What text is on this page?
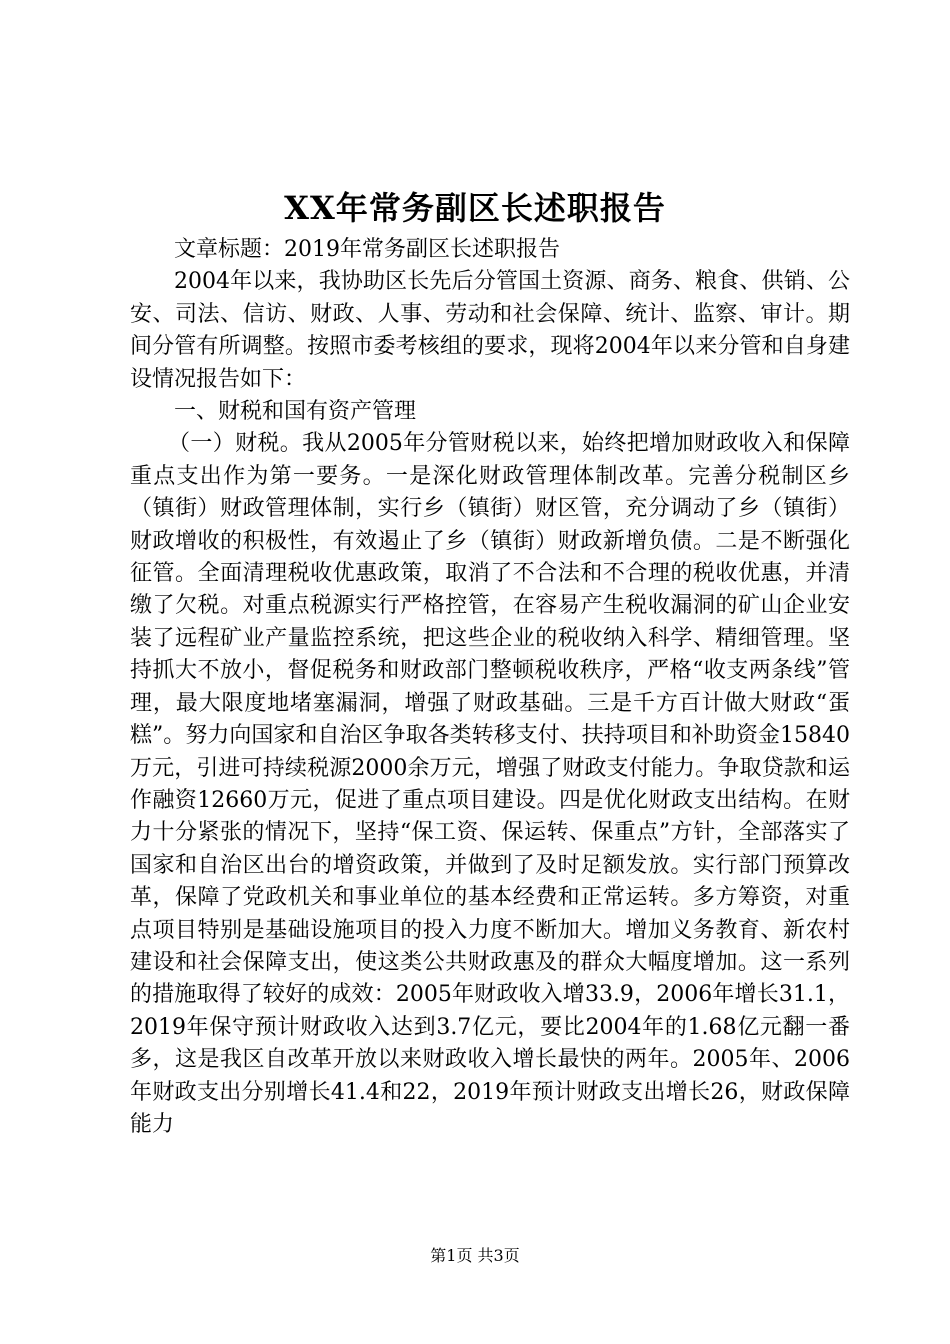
XX年常务副区长述职报告

文章标题：2019年常务副区长述职报告

2004年以来，我协助区长先后分管国土资源、商务、粮食、供销、公安、司法、信访、财政、人事、劳动和社会保障、统计、监察、审计。期间分管有所调整。按照市委考核组的要求，现将2004年以来分管和自身建设情况报告如下：

一、财税和国有资产管理

（一）财税。我从2005年分管财税以来，始终把增加财政收入和保障重点支出作为第一要务。一是深化财政管理体制改革。完善分税制区乡（镇街）财政管理体制，实行乡（镇街）财区管，充分调动了乡（镇街）财政增收的积极性，有效遏止了乡（镇街）财政新增负债。二是不断强化征管。全面清理税收优惠政策，取消了不合法和不合理的税收优惠，并清缴了欠税。对重点税源实行严格控管，在容易产生税收漏洞的矿山企业安装了远程矿业产量监控系统，把这些企业的税收纳入科学、精细管理。坚持抓大不放小，督促税务和财政部门整顿税收秩序，严格“收支两条线”管理，最大限度地堵塞漏洞，增强了财政基础。三是千方百计做大财政“蛋糕”。努力向国家和自治区争取各类转移支付、扶持项目和补助资金15840万元，引进可持续税源2000余万元，增强了财政支付能力。争取贷款和运作融资12660万元，促进了重点项目建设。四是优化财政支出结构。在财力十分紧张的情况下，坚持“保工资、保运转、保重点”方针，全部落实了国家和自治区出台的增资政策，并做到了及时足额发放。实行部门预算改革，保障了党政机关和事业单位的基本经费和正常运转。多方筹资，对重点项目特别是基础设施项目的投入力度不断加大。增加义务教育、新农村建设和社会保障支出，使这类公共财政惠及的群众大幅度增加。这一系列的措施取得了较好的成效：2005年财政收入增33.9，2006年增长31.1，2019年保守预计财政收入达到3.7亿元，要比2004年的1.68亿元翻一番多，这是我区自改革开放以来财政收入增长最快的两年。2005年、2006年财政支出分别增长41.4和22，2019年预计财政支出增长26，财政保障能力

第1页 共3页
